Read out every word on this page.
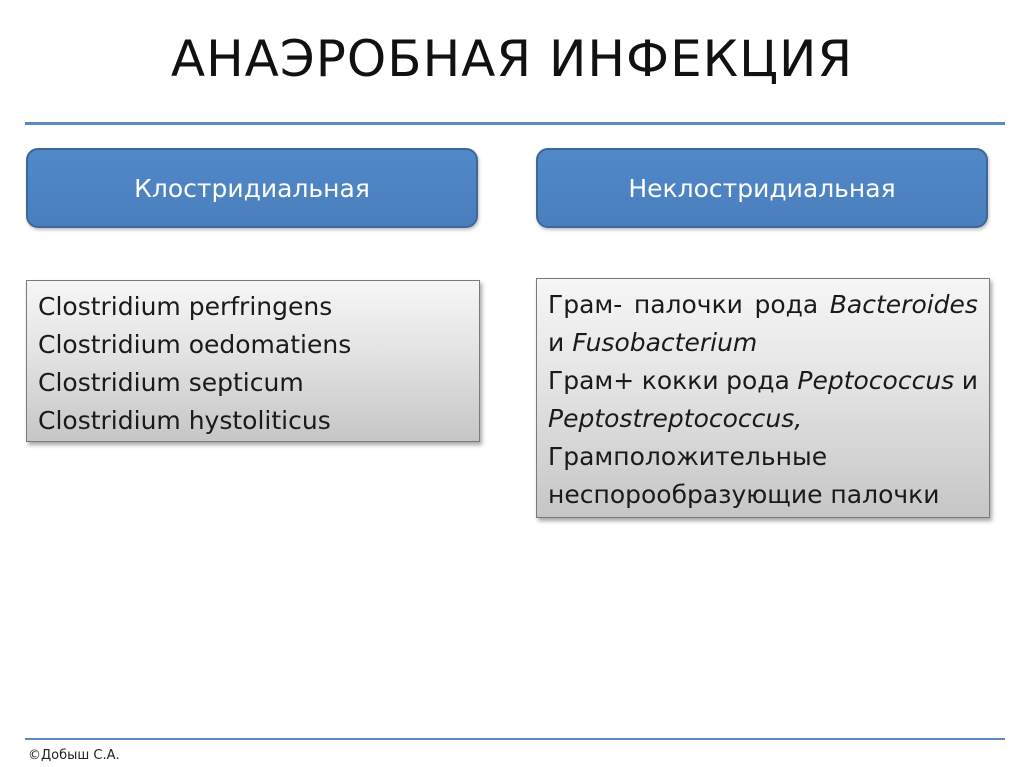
АНАЭРОБНАЯ ИНФЕКЦИЯ
Клостридиальная	Неклостридиальная
Clostridium perfringens
Clostridium oedomatiens
Clostridium septicum
Clostridium hystoliticus
Грам- палочки рода Bacteroides
и Fusobacterium
Грам+ кокки рода Peptococcus и
Peptostreptococcus,
Грамположительные
неспорообразующие палочки
©Добыш С.А.
